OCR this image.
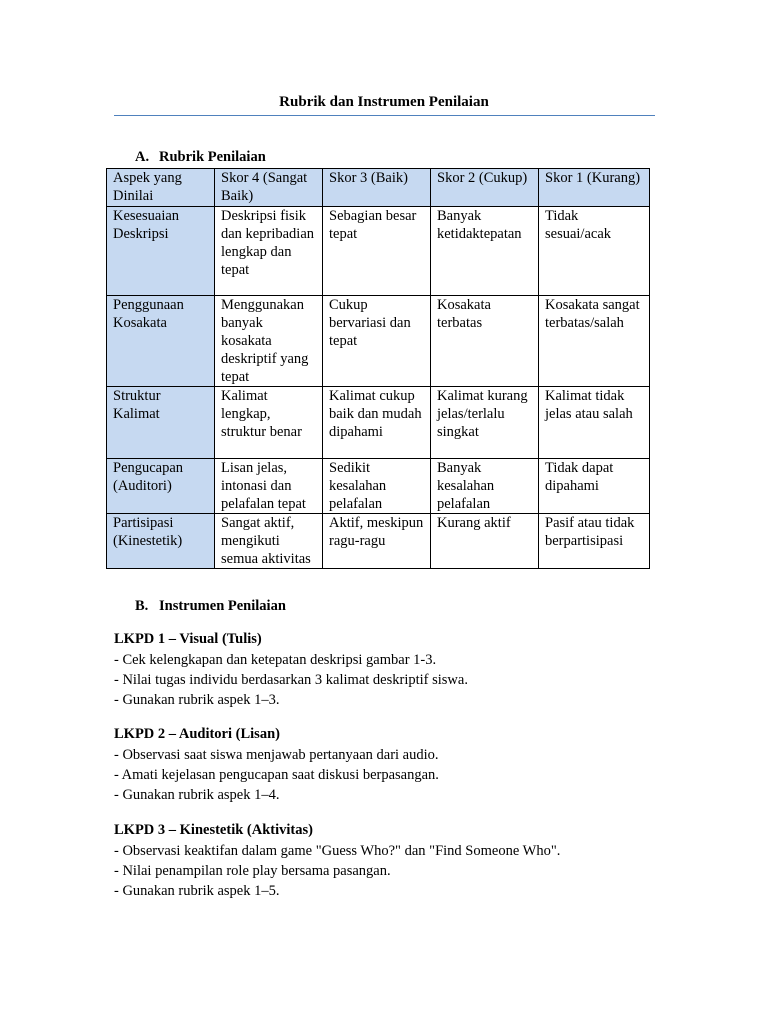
Rubrik dan Instrumen Penilaian
A. Rubrik Penilaian
Aspek yang Dinilai	Skor 4 (Sangat Baik)	Skor 3 (Baik)	Skor 2 (Cukup)	Skor 1 (Kurang)
Kesesuaian Deskripsi	Deskripsi fisik dan kepribadian lengkap dan tepat	Sebagian besar tepat	Banyak ketidaktepatan	Tidak sesuai/acak
Penggunaan Kosakata	Menggunakan banyak kosakata deskriptif yang tepat	Cukup bervariasi dan tepat	Kosakata terbatas	Kosakata sangat terbatas/salah
Struktur Kalimat	Kalimat lengkap, struktur benar	Kalimat cukup baik dan mudah dipahami	Kalimat kurang jelas/terlalu singkat	Kalimat tidak jelas atau salah
Pengucapan (Auditori)	Lisan jelas, intonasi dan pelafalan tepat	Sedikit kesalahan pelafalan	Banyak kesalahan pelafalan	Tidak dapat dipahami
Partisipasi (Kinestetik)	Sangat aktif, mengikuti semua aktivitas	Aktif, meskipun ragu-ragu	Kurang aktif	Pasif atau tidak berpartisipasi
B. Instrumen Penilaian
LKPD 1 – Visual (Tulis)
- Cek kelengkapan dan ketepatan deskripsi gambar 1-3.
- Nilai tugas individu berdasarkan 3 kalimat deskriptif siswa.
- Gunakan rubrik aspek 1–3.
LKPD 2 – Auditori (Lisan)
- Observasi saat siswa menjawab pertanyaan dari audio.
- Amati kejelasan pengucapan saat diskusi berpasangan.
- Gunakan rubrik aspek 1–4.
LKPD 3 – Kinestetik (Aktivitas)
- Observasi keaktifan dalam game "Guess Who?" dan "Find Someone Who".
- Nilai penampilan role play bersama pasangan.
- Gunakan rubrik aspek 1–5.
